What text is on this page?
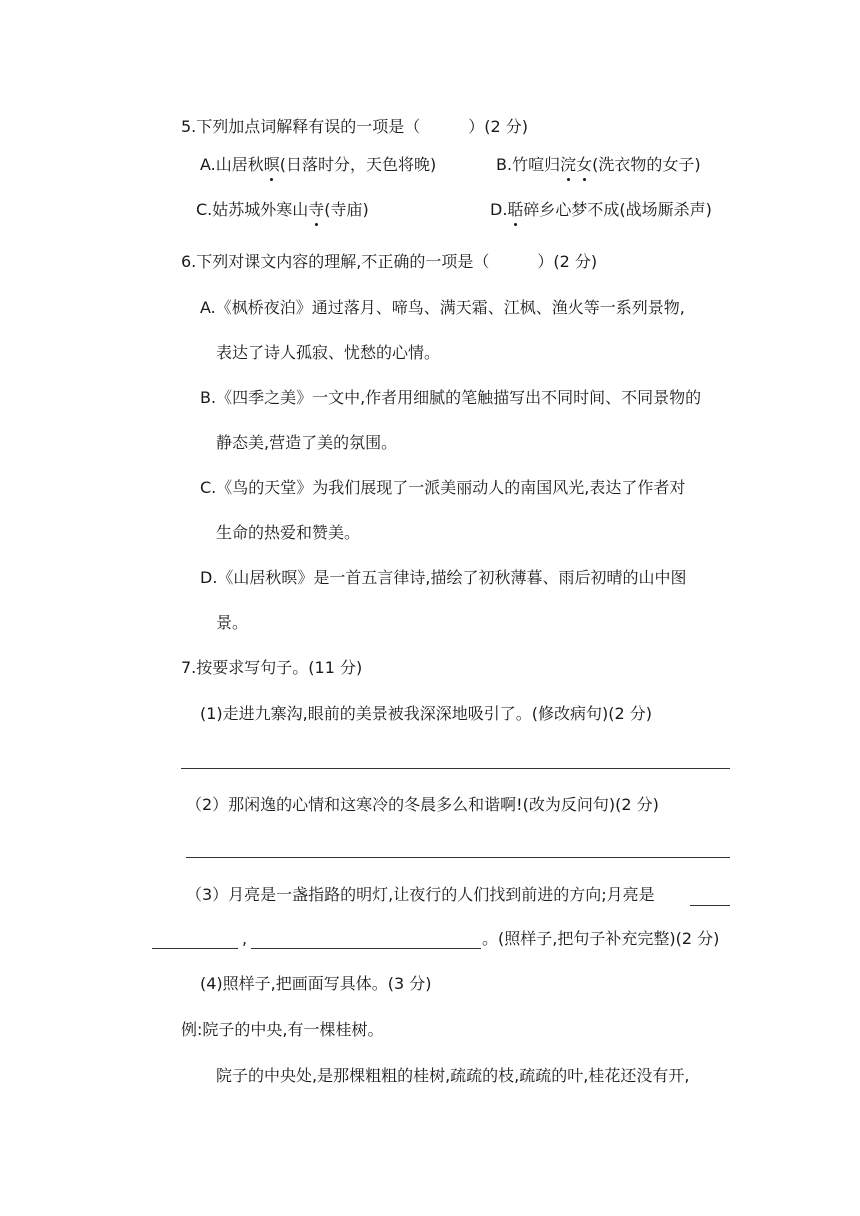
5.下列加点词解释有误的一项是（　　　）(2 分)

A.山居秋暝(日落时分，天色将晚)	B.竹喧归浣女(洗衣物的女子)

C.姑苏城外寒山寺(寺庙)	D.聒碎乡心梦不成(战场厮杀声)

6.下列对课文内容的理解,不正确的一项是（　　　）(2 分)

A.《枫桥夜泊》通过落月、啼鸟、满天霜、江枫、渔火等一系列景物,

表达了诗人孤寂、忧愁的心情。

B.《四季之美》一文中,作者用细腻的笔触描写出不同时间、不同景物的

静态美,营造了美的氛围。

C.《鸟的天堂》为我们展现了一派美丽动人的南国风光,表达了作者对

生命的热爱和赞美。

D.《山居秋暝》是一首五言律诗,描绘了初秋薄暮、雨后初晴的山中图

景。

7.按要求写句子。(11 分)

(1)走进九寨沟,眼前的美景被我深深地吸引了。(修改病句)(2 分)

（2）那闲逸的心情和这寒冷的冬晨多么和谐啊!(改为反问句)(2 分)

（3）月亮是一盏指路的明灯,让夜行的人们找到前进的方向;月亮是

,	。(照样子,把句子补充完整)(2 分)

(4)照样子,把画面写具体。(3 分)

例:院子的中央,有一棵桂树。

院子的中央处,是那棵粗粗的桂树,疏疏的枝,疏疏的叶,桂花还没有开,
